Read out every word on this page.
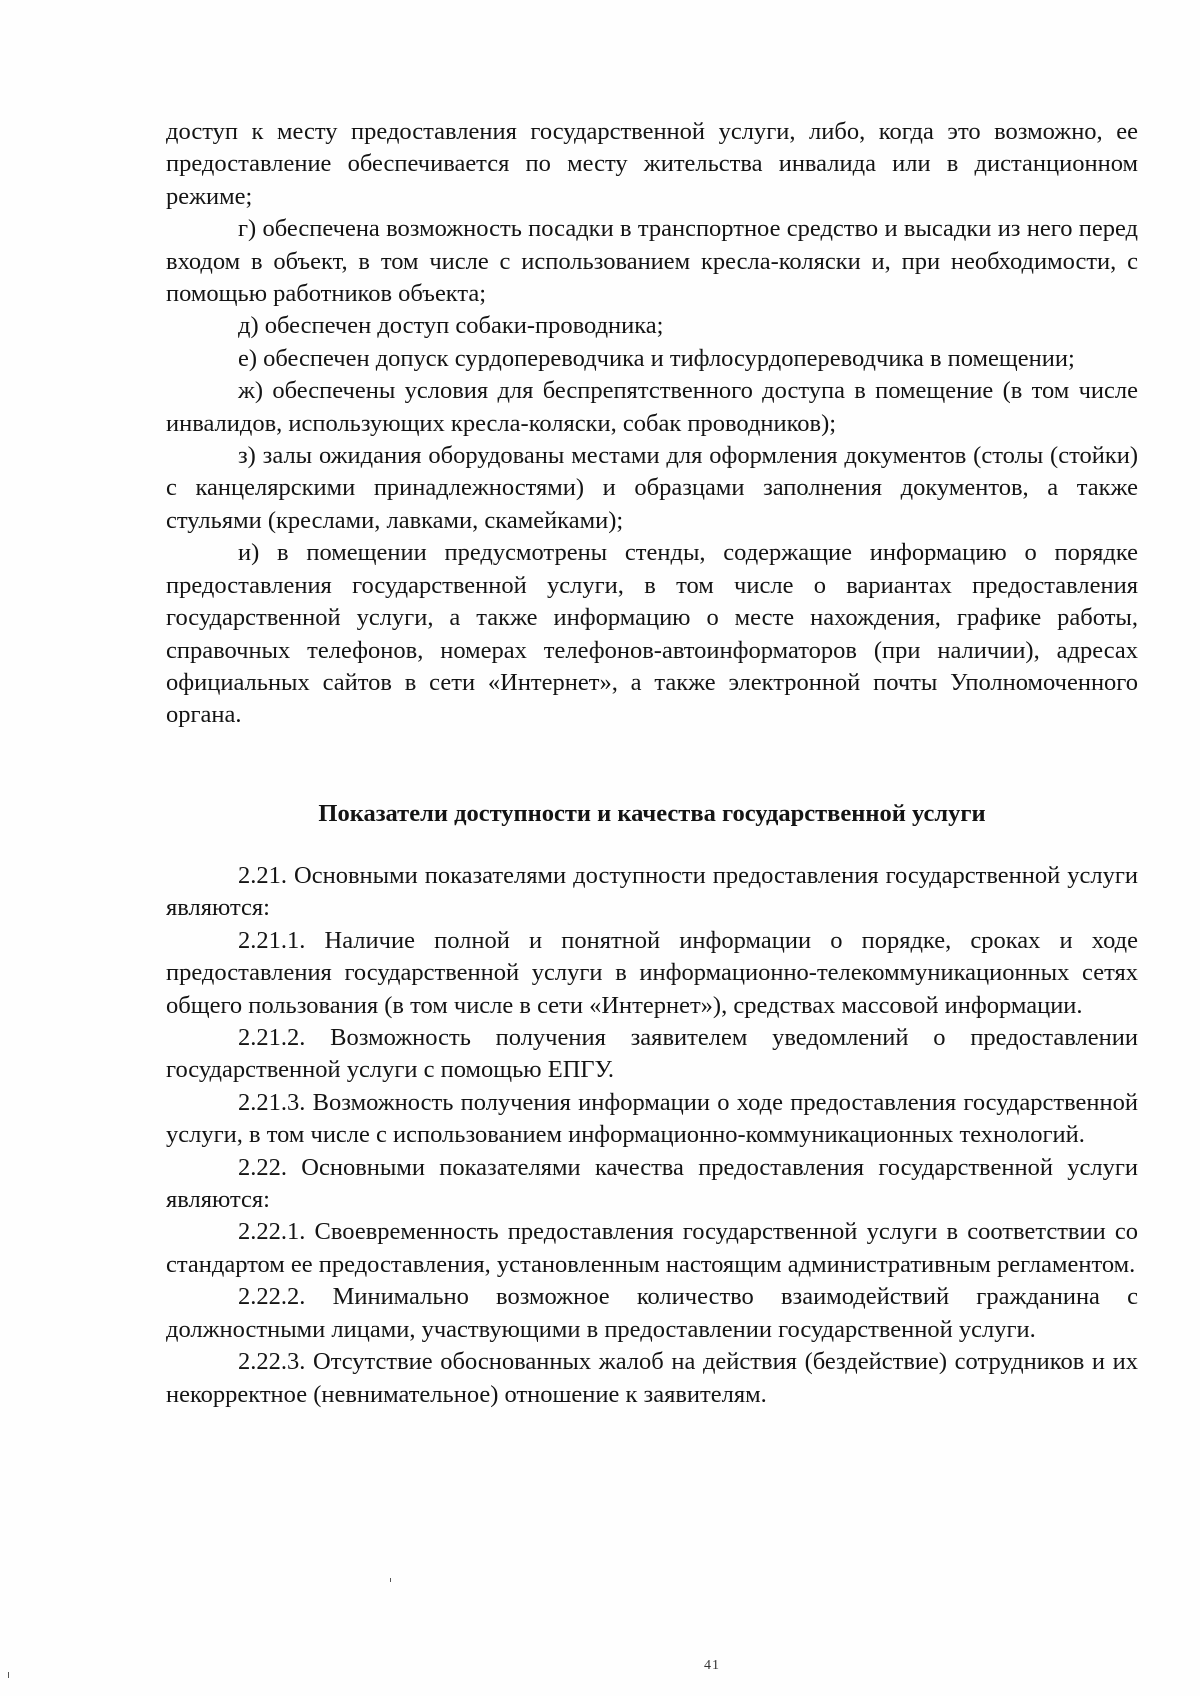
доступ к месту предоставления государственной услуги, либо, когда это возможно, ее предоставление обеспечивается по месту жительства инвалида или в дистанционном режиме;

г) обеспечена возможность посадки в транспортное средство и высадки из него перед входом в объект, в том числе с использованием кресла-коляски и, при необходимости, с помощью работников объекта;

д) обеспечен доступ собаки-проводника;

е) обеспечен допуск сурдопереводчика и тифлосурдопереводчика в помещении;

ж) обеспечены условия для беспрепятственного доступа в помещение (в том числе инвалидов, использующих кресла-коляски, собак проводников);

з) залы ожидания оборудованы местами для оформления документов (столы (стойки) с канцелярскими принадлежностями) и образцами заполнения документов, а также стульями (креслами, лавками, скамейками);

и) в помещении предусмотрены стенды, содержащие информацию о порядке предоставления государственной услуги, в том числе о вариантах предоставления государственной услуги, а также информацию о месте нахождения, графике работы, справочных телефонов, номерах телефонов-автоинформаторов (при наличии), адресах официальных сайтов в сети «Интернет», а также электронной почты Уполномоченного органа.

Показатели доступности и качества государственной услуги

2.21. Основными показателями доступности предоставления государственной услуги являются:

2.21.1. Наличие полной и понятной информации о порядке, сроках и ходе предоставления государственной услуги в информационно-телекоммуникационных сетях общего пользования (в том числе в сети «Интернет»), средствах массовой информации.

2.21.2. Возможность получения заявителем уведомлений о предоставлении государственной услуги с помощью ЕПГУ.

2.21.3. Возможность получения информации о ходе предоставления государственной услуги, в том числе с использованием информационно-коммуникационных технологий.

2.22. Основными показателями качества предоставления государственной услуги являются:

2.22.1. Своевременность предоставления государственной услуги в соответствии со стандартом ее предоставления, установленным настоящим административным регламентом.

2.22.2. Минимально возможное количество взаимодействий гражданина с должностными лицами, участвующими в предоставлении государственной услуги.

2.22.3. Отсутствие обоснованных жалоб на действия (бездействие) сотрудников и их некорректное (невнимательное) отношение к заявителям.

41
